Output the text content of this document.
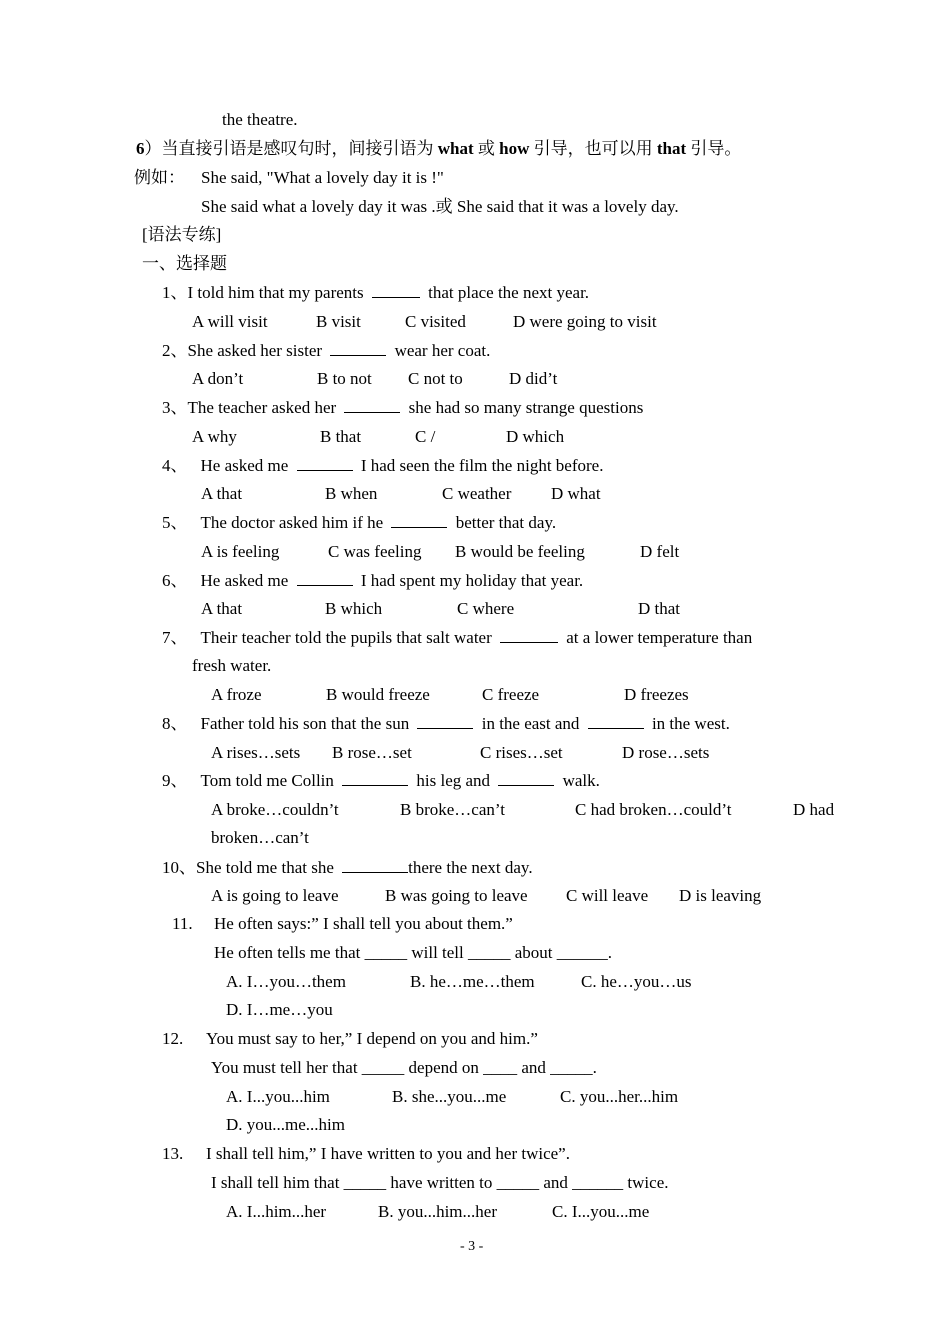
the theatre.
6）当直接引语是感叹句时，间接引语为 what 或 how 引导，也可以用 that 引导。
例如： She said, "What a lovely day it is !"
She said what a lovely day it was .或 She said that it was a lovely day.
[语法专练]
一、选择题
1、I told him that my parents	that place the next year.
A will visit	B visit	C visited	D were going to visit
2、She asked her sister	wear her coat.
A don’t	B to not C not to	D did’t
3、The teacher asked her	she had so many strange questions
A why	B that	C /	D which
4、 He asked me	I had seen the film the night before.
A that	B when	C weather D what
5、 The doctor asked him if he	better that day.
A is feeling	C was feeling B would be feeling	D felt
6、 He asked me	I had spent my holiday that year.
A that	B which	C where	D that
7、 Their teacher told the pupils that salt water	at a lower temperature than
fresh water.
A froze	B would freeze	C freeze	D freezes
8、 Father told his son that the sun	in the east and	in the west.
A rises…sets B rose…set	C rises…set	D rose…sets
9、 Tom told me Collin	his leg and	walk.
A broke…couldn’t	B broke…can’t	C had broken…could’t	D had
broken…can’t
10、She told me that she	there the next day.
A is going to leave	B was going to leave C will leave D is leaving
11. He often says:” I shall tell you about them.”
He often tells me that _____ will tell _____ about ______.
A. I…you…them	B. he…me…them	C. he…you…us
D. I…me…you
12. You must say to her,” I depend on you and him.”
You must tell her that _____ depend on ____ and _____.
A. I...you...him	B. she...you...me	C. you...her...him
D. you...me...him
13. I shall tell him,” I have written to you and her twice”.
I shall tell him that _____ have written to _____ and ______ twice.
A. I...him...her	B. you...him...her	C. I...you...me
- 3 -
